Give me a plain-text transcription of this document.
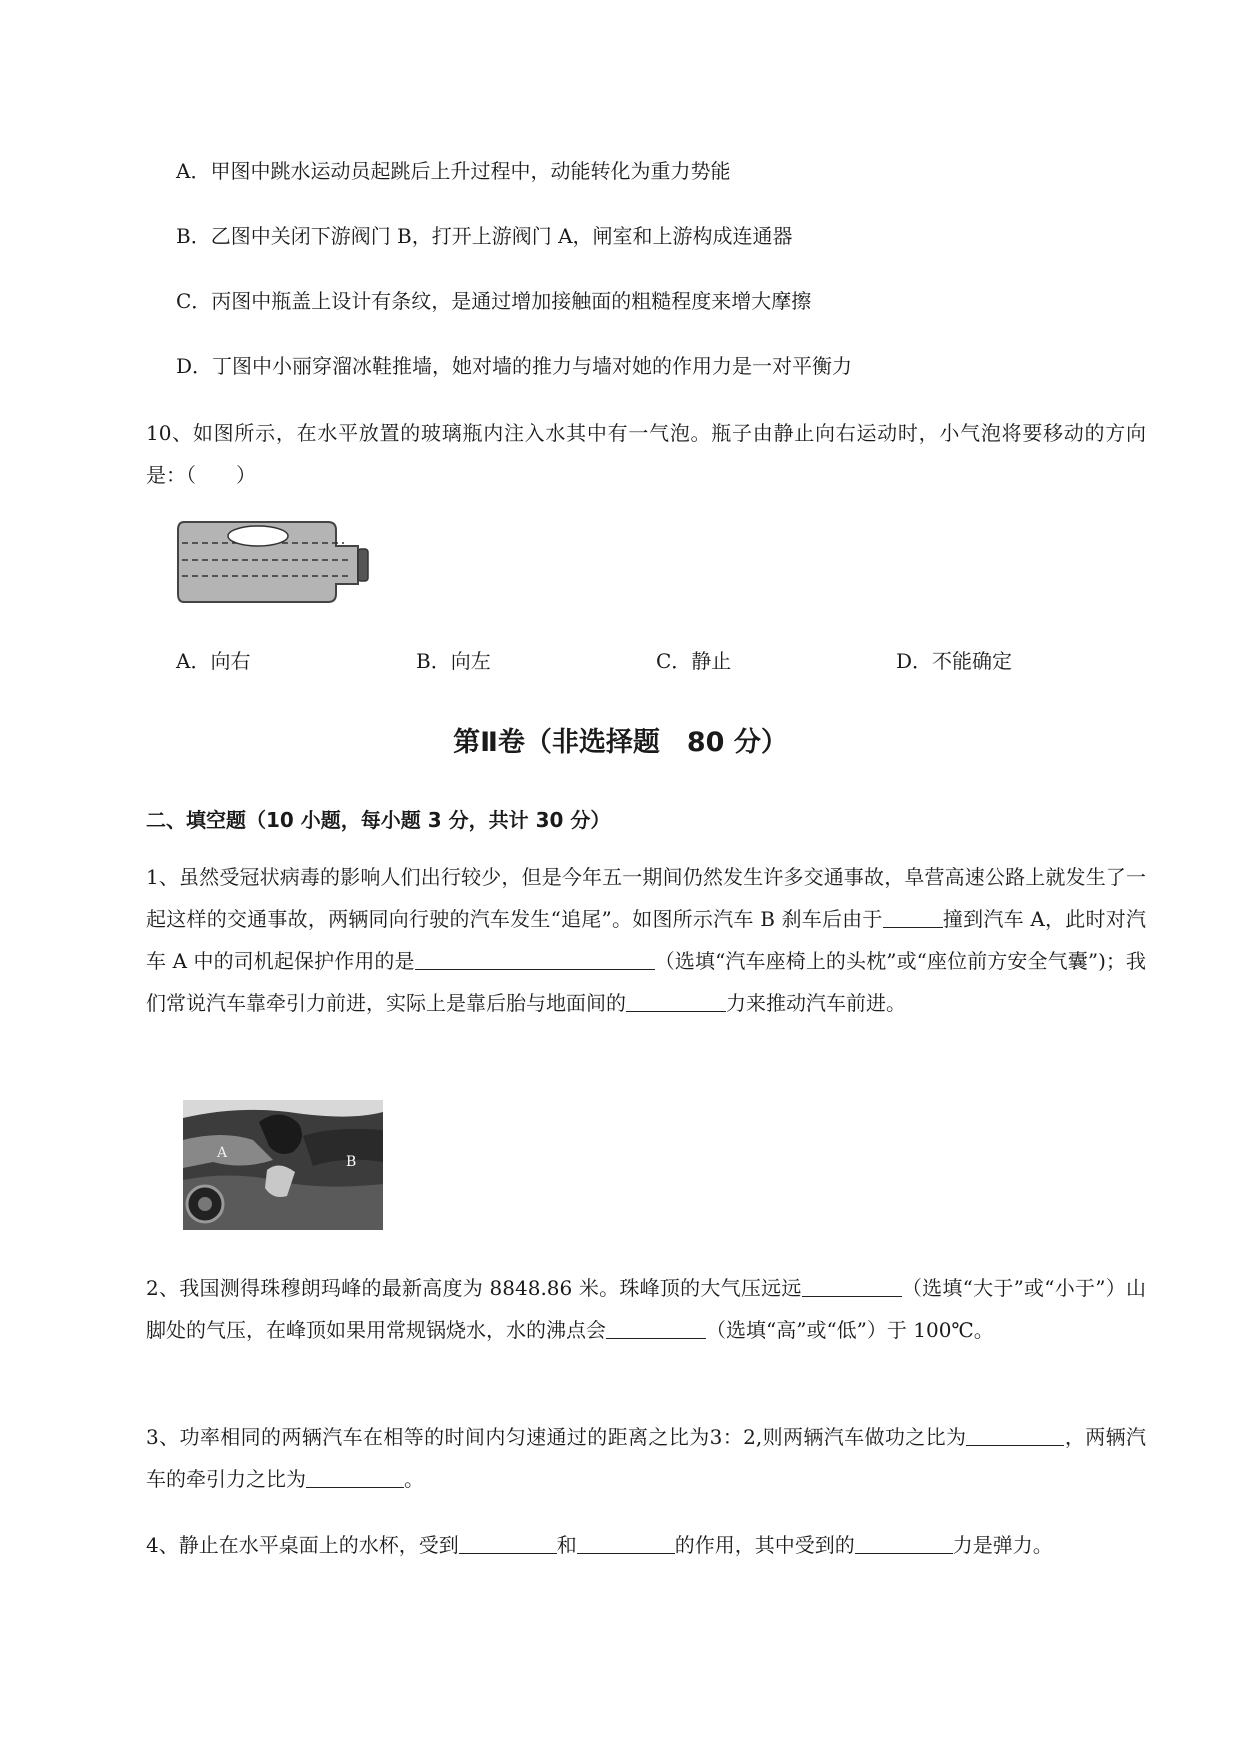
A．甲图中跳水运动员起跳后上升过程中，动能转化为重力势能
B．乙图中关闭下游阀门 B，打开上游阀门 A，闸室和上游构成连通器
C．丙图中瓶盖上设计有条纹，是通过增加接触面的粗糙程度来增大摩擦
D．丁图中小丽穿溜冰鞋推墙，她对墙的推力与墙对她的作用力是一对平衡力
10、如图所示，在水平放置的玻璃瓶内注入水其中有一气泡。瓶子由静止向右运动时，小气泡将要移动的方向是：（　　）
A．向右	B．向左	C．静止	D．不能确定
第Ⅱ卷（非选择题　80 分）
二、填空题（10 小题，每小题 3 分，共计 30 分）
1、虽然受冠状病毒的影响人们出行较少，但是今年五一期间仍然发生许多交通事故，阜营高速公路上就发生了一起这样的交通事故，两辆同向行驶的汽车发生“追尾”。如图所示汽车 B 刹车后由于	撞到汽车 A，此时对汽车 A 中的司机起保护作用的是	（选填“汽车座椅上的头枕”或“座位前方安全气囊”)；我们常说汽车靠牵引力前进，实际上是靠后胎与地面间的	力来推动汽车前进。
A
B
2、我国测得珠穆朗玛峰的最新高度为 8848.86 米。珠峰顶的大气压远远	（选填“大于”或“小于”）山脚处的气压，在峰顶如果用常规锅烧水，水的沸点会	（选填“高”或“低”）于 100℃。
3、功率相同的两辆汽车在相等的时间内匀速通过的距离之比为3：2,则两辆汽车做功之比为	，两辆汽车的牵引力之比为	。
4、静止在水平桌面上的水杯，受到	和	的作用，其中受到的	力是弹力。
